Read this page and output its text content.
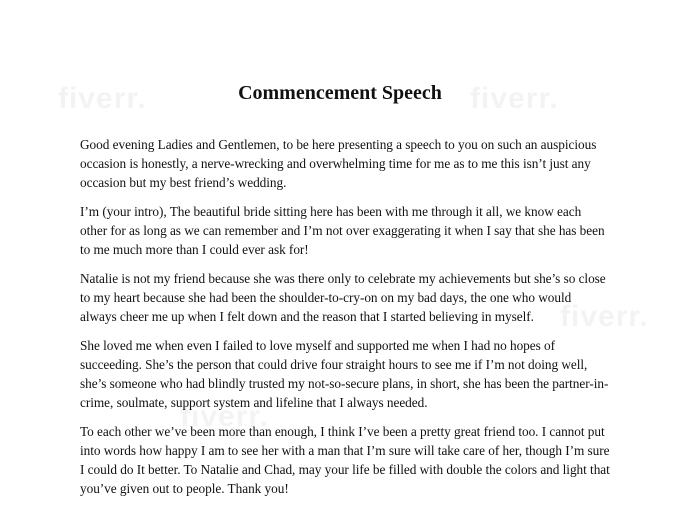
Commencement Speech

Good evening Ladies and Gentlemen, to be here presenting a speech to you on such an auspicious occasion is honestly, a nerve-wrecking and overwhelming time for me as to me this isn’t just any occasion but my best friend’s wedding.

I’m (your intro), The beautiful bride sitting here has been with me through it all, we know each other for as long as we can remember and I’m not over exaggerating it when I say that she has been to me much more than I could ever ask for!

Natalie is not my friend because she was there only to celebrate my achievements but she’s so close to my heart because she had been the shoulder-to-cry-on on my bad days, the one who would always cheer me up when I felt down and the reason that I started believing in myself.

She loved me when even I failed to love myself and supported me when I had no hopes of succeeding. She’s the person that could drive four straight hours to see me if I’m not doing well, she’s someone who had blindly trusted my not-so-secure plans, in short, she has been the partner-in-crime, soulmate, support system and lifeline that I always needed.

To each other we’ve been more than enough, I think I’ve been a pretty great friend too. I cannot put into words how happy I am to see her with a man that I’m sure will take care of her, though I’m sure I could do It better. To Natalie and Chad, may your life be filled with double the colors and light that you’ve given out to people. Thank you!
